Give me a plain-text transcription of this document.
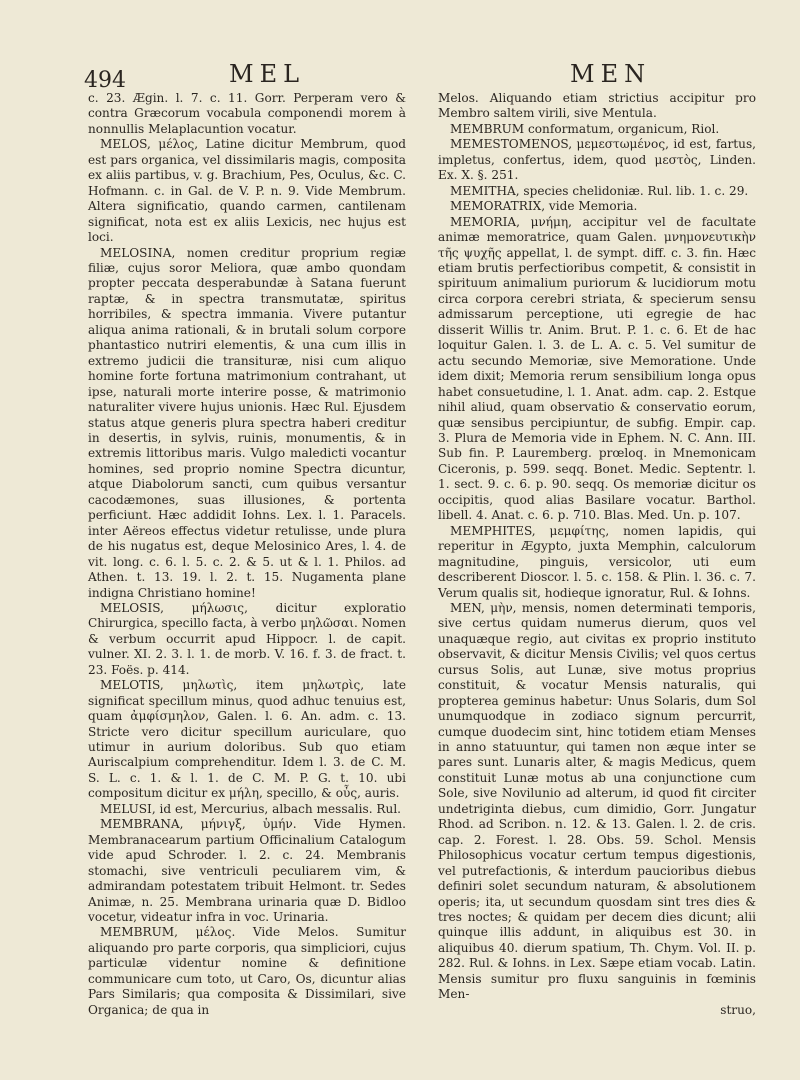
494	MEL	MEN

c. 23. Ægin. l. 7. c. 11. Gorr. Perperam vero & contra Græcorum vocabula componendi morem à nonnullis Melaplacuntion vocatur.

MELOS, μέλος, Latine dicitur Membrum, quod est pars organica, vel dissimilaris magis, composita ex aliis partibus, v. g. Brachium, Pes, Oculus, &c. C. Hofmann. c. in Gal. de V. P. n. 9. Vide Membrum. Altera significatio, quando carmen, cantilenam significat, nota est ex aliis Lexicis, nec hujus est loci.

MELOSINA, nomen creditur proprium regiæ filiæ, cujus soror Meliora, quæ ambo quondam propter peccata desperabundæ à Satana fuerunt raptæ, & in spectra transmutatæ, spiritus horribiles, & spectra immania. Vivere putantur aliqua anima rationali, & in brutali solum corpore phantastico nutriri elementis, & una cum illis in extremo judicii die transituræ, nisi cum aliquo homine forte fortuna matrimonium contrahant, ut ipse, naturali morte interire posse, & matrimonio naturaliter vivere hujus unionis. Hæc Rul. Ejusdem status atque generis plura spectra haberi creditur in desertis, in sylvis, ruinis, monumentis, & in extremis littoribus maris. Vulgo maledicti vocantur homines, sed proprio nomine Spectra dicuntur, atque Diabolorum sancti, cum quibus versantur cacodæmones, suas illusiones, & portenta perficiunt. Hæc addidit Iohns. Lex. l. 1. Paracels. inter Aëreos effectus videtur retulisse, unde plura de his nugatus est, deque Melosinico Ares, l. 4. de vit. long. c. 6. l. 5. c. 2. & 5. ut & l. 1. Philos. ad Athen. t. 13. 19. l. 2. t. 15. Nugamenta plane indigna Christiano homine!

MELOSIS, μήλωσις, dicitur exploratio Chirurgica, specillo facta, à verbo μηλῶσαι. Nomen & verbum occurrit apud Hippocr. l. de capit. vulner. XI. 2. 3. l. 1. de morb. V. 16. f. 3. de fract. t. 23. Foës. p. 414.

MELOTIS, μηλωτὶς, item μηλωτρὶς, late significat specillum minus, quod adhuc tenuius est, quam ἀμφίσμηλον, Galen. l. 6. An. adm. c. 13. Stricte vero dicitur specillum auriculare, quo utimur in aurium doloribus. Sub quo etiam Auriscalpium comprehenditur. Idem l. 3. de C. M. S. L. c. 1. & l. 1. de C. M. P. G. t. 10. ubi compositum dicitur ex μήλη, specillo, & οὖς, auris.

MELUSI, id est, Mercurius, albach messalis. Rul.

MEMBRANA, μήνιγξ, ὑμήν. Vide Hymen. Membranacearum partium Officinalium Catalogum vide apud Schroder. l. 2. c. 24. Membranis stomachi, sive ventriculi peculiarem vim, & admirandam potestatem tribuit Helmont. tr. Sedes Animæ, n. 25. Membrana urinaria quæ D. Bidloo vocetur, videatur infra in voc. Urinaria.

MEMBRUM, μέλος. Vide Melos. Sumitur aliquando pro parte corporis, qua simpliciori, cujus particulæ videntur nomine & definitione communicare cum toto, ut Caro, Os, dicuntur alias Pars Similaris; qua composita & Dissimilari, sive Organica; de qua in

Melos. Aliquando etiam strictius accipitur pro Membro saltem virili, sive Mentula.

MEMBRUM conformatum, organicum, Riol.

MEMESTOMENOS, μεμεστωμένος, id est, fartus, impletus, confertus, idem, quod μεστὸς, Linden. Ex. X. §. 251.

MEMITHA, species chelidoniæ. Rul. lib. 1. c. 29.

MEMORATRIX, vide Memoria.

MEMORIA, μνήμη, accipitur vel de facultate animæ memoratrice, quam Galen. μνημονευτικὴν τῆς ψυχῆς appellat, l. de sympt. diff. c. 3. fin. Hæc etiam brutis perfectioribus competit, & consistit in spirituum animalium puriorum & lucidiorum motu circa corpora cerebri striata, & specierum sensu admissarum perceptione, uti egregie de hac disserit Willis tr. Anim. Brut. P. 1. c. 6. Et de hac loquitur Galen. l. 3. de L. A. c. 5. Vel sumitur de actu secundo Memoriæ, sive Memoratione. Unde idem dixit; Memoria rerum sensibilium longa opus habet consuetudine, l. 1. Anat. adm. cap. 2. Estque nihil aliud, quam observatio & conservatio eorum, quæ sensibus percipiuntur, de subfig. Empir. cap. 3. Plura de Memoria vide in Ephem. N. C. Ann. III. Sub fin. P. Lauremberg. prœloq. in Mnemonicam Ciceronis, p. 599. seqq. Bonet. Medic. Septentr. l. 1. sect. 9. c. 6. p. 90. seqq. Os memoriæ dicitur os occipitis, quod alias Basilare vocatur. Barthol. libell. 4. Anat. c. 6. p. 710. Blas. Med. Un. p. 107.

MEMPHITES, μεμφίτης, nomen lapidis, qui reperitur in Ægypto, juxta Memphin, calculorum magnitudine, pinguis, versicolor, uti eum describerent Dioscor. l. 5. c. 158. & Plin. l. 36. c. 7. Verum qualis sit, hodieque ignoratur, Rul. & Iohns.

MEN, μὴν, mensis, nomen determinati temporis, sive certus quidam numerus dierum, quos vel unaquæque regio, aut civitas ex proprio instituto observavit, & dicitur Mensis Civilis; vel quos certus cursus Solis, aut Lunæ, sive motus proprius constituit, & vocatur Mensis naturalis, qui propterea geminus habetur: Unus Solaris, dum Sol unumquodque in zodiaco signum percurrit, cumque duodecim sint, hinc totidem etiam Menses in anno statuuntur, qui tamen non æque inter se pares sunt. Lunaris alter, & magis Medicus, quem constituit Lunæ motus ab una conjunctione cum Sole, sive Novilunio ad alterum, id quod fit circiter undetriginta diebus, cum dimidio, Gorr. Jungatur Rhod. ad Scribon. n. 12. & 13. Galen. l. 2. de cris. cap. 2. Forest. l. 28. Obs. 59. Schol. Mensis Philosophicus vocatur certum tempus digestionis, vel putrefactionis, & interdum paucioribus diebus definiri solet secundum naturam, & absolutionem operis; ita, ut secundum quosdam sint tres dies & tres noctes; & quidam per decem dies dicunt; alii quinque illis addunt, in aliquibus est 30. in aliquibus 40. dierum spatium, Th. Chym. Vol. II. p. 282. Rul. & Iohns. in Lex. Sæpe etiam vocab. Latin. Mensis sumitur pro fluxu sanguinis in fœminis Men-

struo,
